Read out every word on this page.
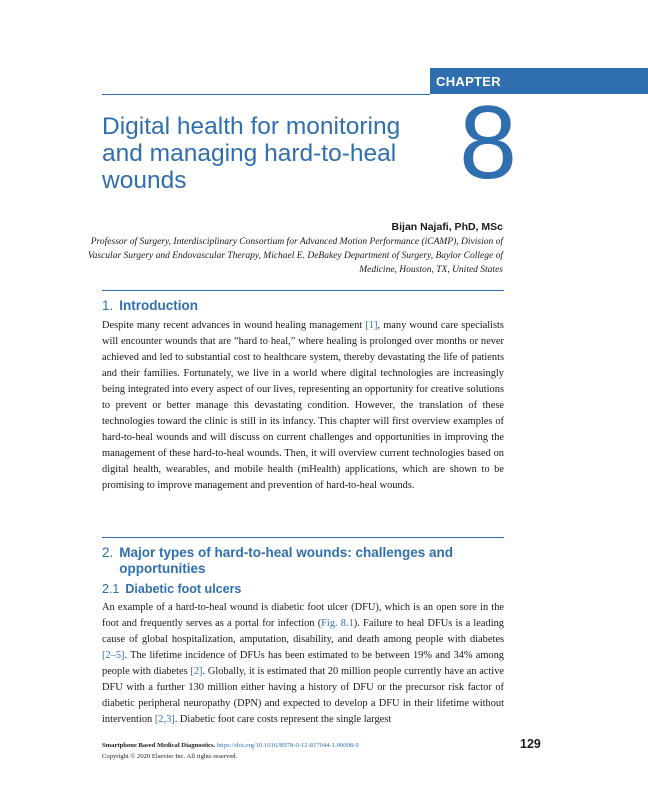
CHAPTER
Digital health for monitoring and managing hard-to-heal wounds	8
Bijan Najafi, PhD, MSc
Professor of Surgery, Interdisciplinary Consortium for Advanced Motion Performance (iCAMP), Division of Vascular Surgery and Endovascular Therapy, Michael E. DeBakey Department of Surgery, Baylor College of Medicine, Houston, TX, United States
1. Introduction

Despite many recent advances in wound healing management [1], many wound care specialists will encounter wounds that are “hard to heal,” where healing is prolonged over months or never achieved and led to substantial cost to healthcare system, thereby devastating the life of patients and their families. Fortunately, we live in a world where digital technologies are increasingly being integrated into every aspect of our lives, representing an opportunity for creative solutions to prevent or better manage this devastating condition. However, the translation of these technologies toward the clinic is still in its infancy. This chapter will first overview examples of hard-to-heal wounds and will discuss on current challenges and opportunities in improving the management of these hard-to-heal wounds. Then, it will overview current technologies based on digital health, wearables, and mobile health (mHealth) applications, which are shown to be promising to improve management and prevention of hard-to-heal wounds.

2. Major types of hard-to-heal wounds: challenges and opportunities
2.1 Diabetic foot ulcers

An example of a hard-to-heal wound is diabetic foot ulcer (DFU), which is an open sore in the foot and frequently serves as a portal for infection (Fig. 8.1). Failure to heal DFUs is a leading cause of global hospitalization, amputation, disability, and death among people with diabetes [2–5]. The lifetime incidence of DFUs has been estimated to be between 19% and 34% among people with diabetes [2]. Globally, it is estimated that 20 million people currently have an active DFU with a further 130 million either having a history of DFU or the precursor risk factor of diabetic peripheral neuropathy (DPN) and expected to develop a DFU in their lifetime without intervention [2,3]. Diabetic foot care costs represent the single largest

Smartphone Based Medical Diagnostics. https://doi.org/10.1016/B978-0-12-817044-1.00008-9
Copyright © 2020 Elsevier Inc. All rights reserved.
129
